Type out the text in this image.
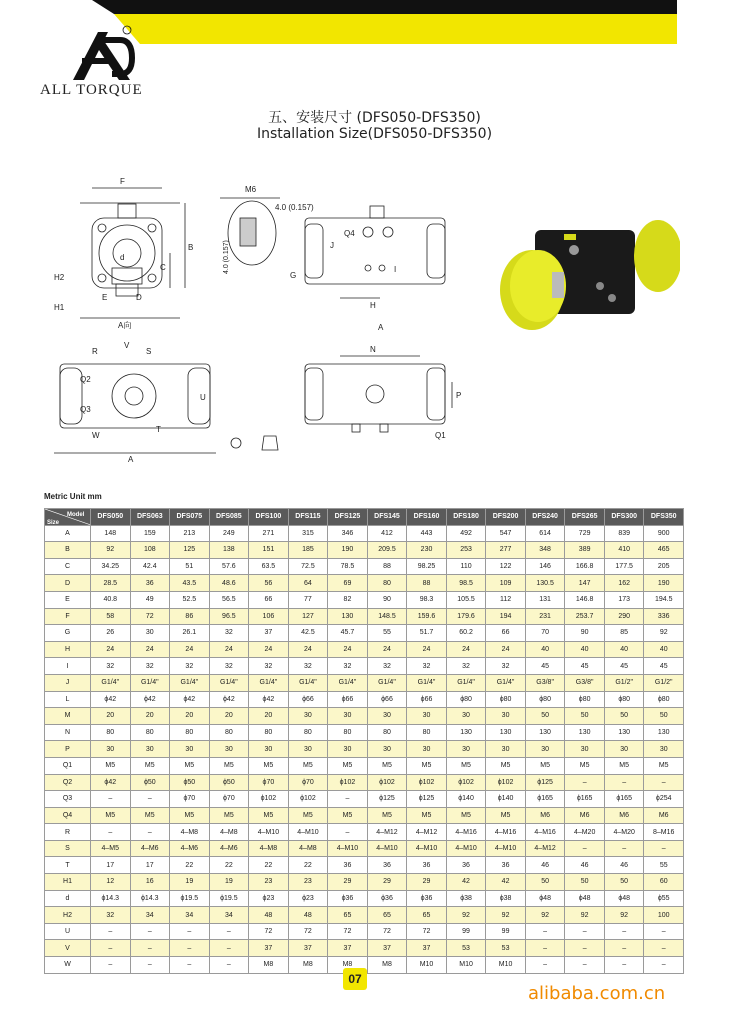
ALL TORQUE
五、安装尺寸 (DFS050-DFS350)
Installation Size(DFS050-DFS350)
F
B
C
E	D
H2
H1
d
A向
M6
4.0 (0.157)
4.0 (0.157)	J
Q4
I
G
H
A
R
V
S
Q2
Q3
W
T
U
A
N
P
Q1
Metric Unit mm
Model
Size	DFS050	DFS063	DFS075	DFS085	DFS100	DFS115	DFS125	DFS145	DFS160	DFS180	DFS200	DFS240	DFS265	DFS300	DFS350
A	148	159	213	249	271	315	346	412	443	492	547	614	729	839	900
B	92	108	125	138	151	185	190	209.5	230	253	277	348	389	410	465
C	34.25	42.4	51	57.6	63.5	72.5	78.5	88	98.25	110	122	146	166.8	177.5	205
D	28.5	36	43.5	48.6	56	64	69	80	88	98.5	109	130.5	147	162	190
E	40.8	49	52.5	56.5	66	77	82	90	98.3	105.5	112	131	146.8	173	194.5
F	58	72	86	96.5	106	127	130	148.5	159.6	179.6	194	231	253.7	290	336
G	26	30	26.1	32	37	42.5	45.7	55	51.7	60.2	66	70	90	85	92
H	24	24	24	24	24	24	24	24	24	24	24	40	40	40	40
I	32	32	32	32	32	32	32	32	32	32	32	45	45	45	45
J	G1/4"	G1/4"	G1/4"	G1/4"	G1/4"	G1/4"	G1/4"	G1/4"	G1/4"	G1/4"	G1/4"	G3/8"	G3/8"	G1/2"	G1/2"
L	ϕ42	ϕ42	ϕ42	ϕ42	ϕ42	ϕ66	ϕ66	ϕ66	ϕ66	ϕ80	ϕ80	ϕ80	ϕ80	ϕ80	ϕ80
M	20	20	20	20	20	30	30	30	30	30	30	50	50	50	50
N	80	80	80	80	80	80	80	80	80	130	130	130	130	130	130
P	30	30	30	30	30	30	30	30	30	30	30	30	30	30	30
Q1	M5	M5	M5	M5	M5	M5	M5	M5	M5	M5	M5	M5	M5	M5	M5
Q2	ϕ42	ϕ50	ϕ50	ϕ50	ϕ70	ϕ70	ϕ102	ϕ102	ϕ102	ϕ102	ϕ102	ϕ125	–	–	–
Q3	–	–	ϕ70	ϕ70	ϕ102	ϕ102	–	ϕ125	ϕ125	ϕ140	ϕ140	ϕ165	ϕ165	ϕ165	ϕ254
Q4	M5	M5	M5	M5	M5	M5	M5	M5	M5	M5	M5	M6	M6	M6	M6
R	–	–	4–M8	4–M8	4–M10	4–M10	–	4–M12	4–M12	4–M16	4–M16	4–M16	4–M20	4–M20	8–M16
S	4–M5	4–M6	4–M6	4–M6	4–M8	4–M8	4–M10	4–M10	4–M10	4–M10	4–M10	4–M12	–	–	–
T	17	17	22	22	22	22	36	36	36	36	36	46	46	46	55
H1	12	16	19	19	23	23	29	29	29	42	42	50	50	50	60
d	ϕ14.3	ϕ14.3	ϕ19.5	ϕ19.5	ϕ23	ϕ23	ϕ36	ϕ36	ϕ36	ϕ38	ϕ38	ϕ48	ϕ48	ϕ48	ϕ55
H2	32	34	34	34	48	48	65	65	65	92	92	92	92	92	100
U	–	–	–	–	72	72	72	72	72	99	99	–	–	–	–
V	–	–	–	–	37	37	37	37	37	53	53	–	–	–	–
W	–	–	–	–	M8	M8	M8	M8	M10	M10	M10	–	–	–	–
07
alibaba.com.cn
